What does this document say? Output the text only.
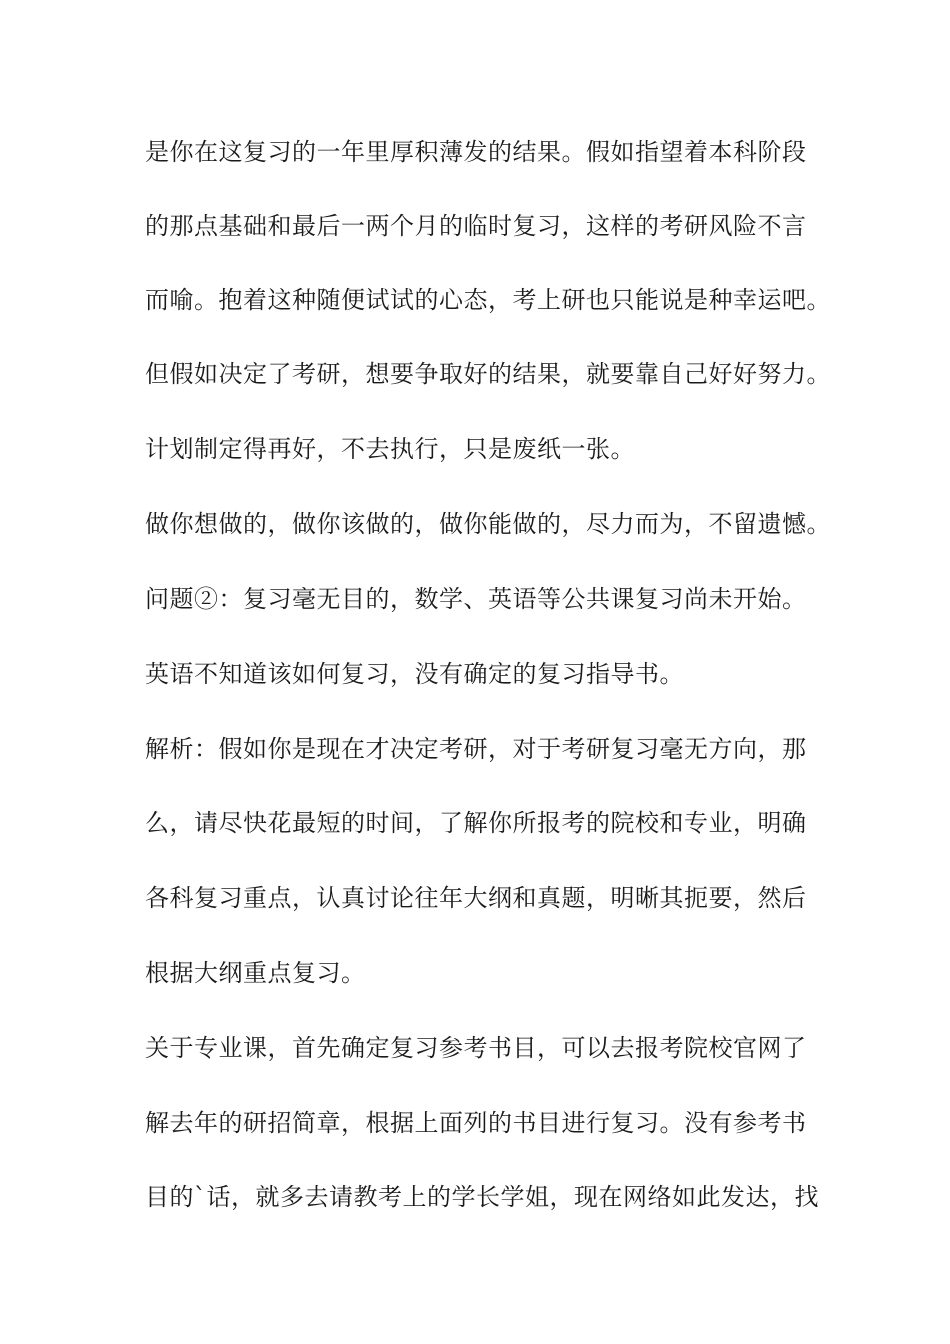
是你在这复习的一年里厚积薄发的结果。假如指望着本科阶段
的那点基础和最后一两个月的临时复习，这样的考研风险不言
而喻。抱着这种随便试试的心态，考上研也只能说是种幸运吧。
但假如决定了考研，想要争取好的结果，就要靠自己好好努力。
计划制定得再好，不去执行，只是废纸一张。
做你想做的，做你该做的，做你能做的，尽力而为，不留遗憾。
问题②：复习毫无目的，数学、英语等公共课复习尚未开始。
英语不知道该如何复习，没有确定的复习指导书。
解析：假如你是现在才决定考研，对于考研复习毫无方向，那
么，请尽快花最短的时间，了解你所报考的院校和专业，明确
各科复习重点，认真讨论往年大纲和真题，明晰其扼要，然后
根据大纲重点复习。
关于专业课，首先确定复习参考书目，可以去报考院校官网了
解去年的研招简章，根据上面列的书目进行复习。没有参考书
目的`话，就多去请教考上的学长学姐，现在网络如此发达，找
